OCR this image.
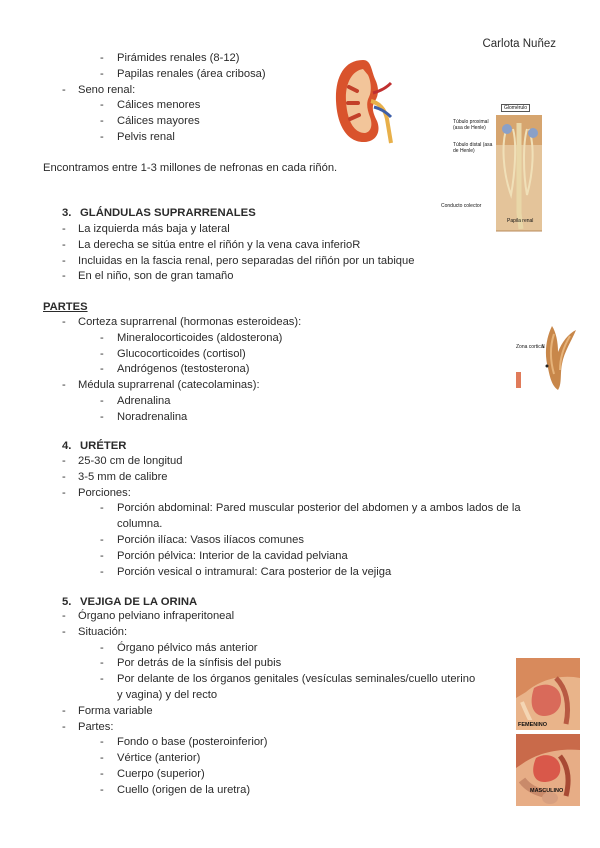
Carlota Nuñez
- Pirámides renales (8-12)
- Papilas renales (área cribosa)
- Seno renal:
- Cálices menores
- Cálices mayores
- Pelvis renal
Encontramos entre 1-3 millones de nefronas en cada riñón.
Glomérulo
Túbulo proximal (asa de Henle)
Túbulo distal (asa de Henle)
Conducto colector
Papila renal
3. GLÁNDULAS SUPRARRENALES
- La izquierda más baja y lateral
- La derecha se sitúa entre el riñón y la vena cava inferioR
- Incluidas en la fascia renal, pero separadas del riñón por un tabique
- En el niño, son de gran tamaño
PARTES
- Corteza suprarrenal (hormonas esteroideas):
- Mineralocorticoides (aldosterona)
- Glucocorticoides (cortisol)
- Andrógenos (testosterona)
- Médula suprarrenal (catecolaminas):
- Adrenalina
- Noradrenalina
Zona cortical
4. URÉTER
- 25-30 cm de longitud
- 3-5 mm de calibre
- Porciones:
- Porción abdominal: Pared muscular posterior del abdomen y a ambos lados de la columna.
- Porción ilíaca: Vasos ilíacos comunes
- Porción pélvica: Interior de la cavidad pelviana
- Porción vesical o intramural: Cara posterior de la vejiga
5. VEJIGA DE LA ORINA
- Órgano pelviano infraperitoneal
- Situación:
- Órgano pélvico más anterior
- Por detrás de la sínfisis del pubis
- Por delante de los órganos genitales (vesículas seminales/cuello uterino y vagina) y del recto
- Forma variable
- Partes:
- Fondo o base (posteroinferior)
- Vértice (anterior)
- Cuerpo (superior)
- Cuello (origen de la uretra)
FEMENINO
MASCULINO
